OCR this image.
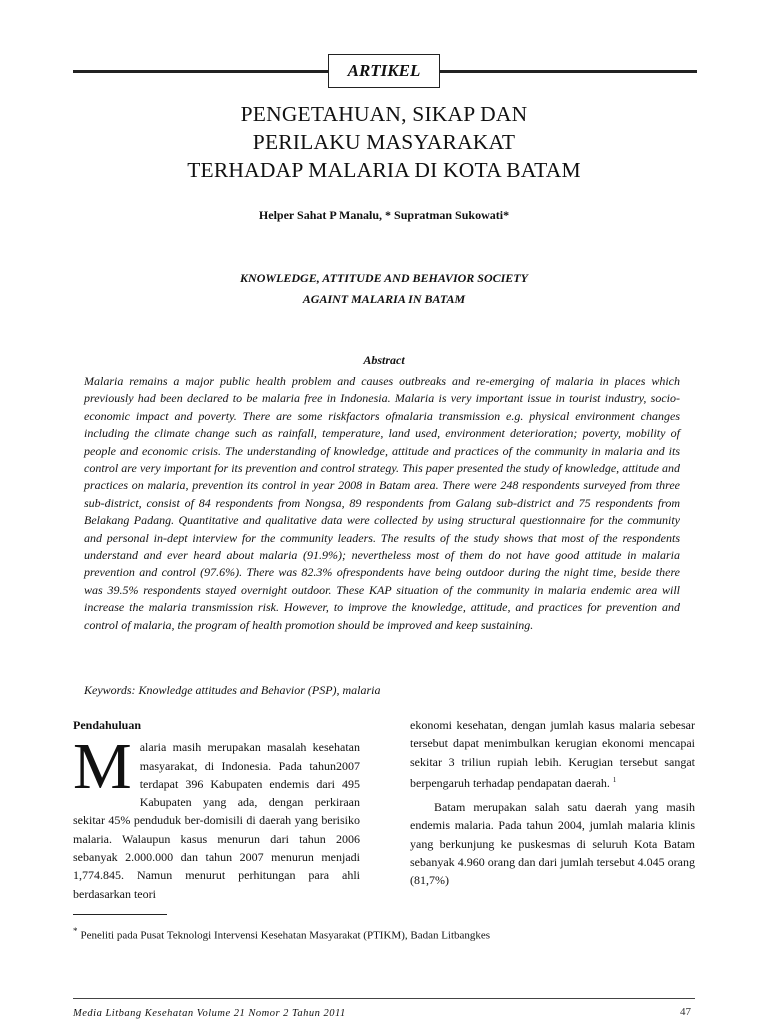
ARTIKEL
PENGETAHUAN, SIKAP DAN
PERILAKU MASYARAKAT
TERHADAP MALARIA DI KOTA BATAM
Helper Sahat P Manalu, * Supratman Sukowati*
KNOWLEDGE, ATTITUDE AND BEHAVIOR SOCIETY
AGAINT MALARIA IN BATAM
Abstract
Malaria remains a major public health problem and causes outbreaks and re-emerging of malaria in places which previously had been declared to be malaria free in Indonesia. Malaria is very important issue in tourist industry, socio-economic impact and poverty. There are some riskfactors ofmalaria transmission e.g. physical environment changes including the climate change such as rainfall, temperature, land used, environment deterioration; poverty, mobility of people and economic crisis. The understanding of knowledge, attitude and practices of the community in malaria and its control are very important for its prevention and control strategy. This paper presented the study of knowledge, attitude and practices on malaria, prevention its control in year 2008 in Batam area. There were 248 respondents surveyed from three sub-district, consist of 84 respondents from Nongsa, 89 respondents from Galang sub-district and 75 respondents from Belakang Padang. Quantitative and qualitative data were collected by using structural questionnaire for the community and personal in-dept interview for the community leaders. The results of the study shows that most of the respondents understand and ever heard about malaria (91.9%); nevertheless most of them do not have good attitude in malaria prevention and control (97.6%). There was 82.3% ofrespondents have being outdoor during the night time, beside there was 39.5% respondents stayed overnight outdoor. These KAP situation of the community in malaria endemic area will increase the malaria transmission risk. However, to improve the knowledge, attitude, and practices for prevention and control of malaria, the program of health promotion should be improved and keep sustaining.
Keywords: Knowledge attitudes and Behavior (PSP), malaria
Pendahuluan

M alaria masih merupakan masalah kesehatan masyarakat, di Indonesia. Pada tahun2007 terdapat 396 Kabupaten endemis dari 495 Kabupaten yang ada, dengan perkiraan sekitar 45% penduduk ber-domisili di daerah yang berisiko malaria. Walaupun kasus menurun dari tahun 2006 sebanyak 2.000.000 dan tahun 2007 menurun menjadi 1,774.845. Namun menurut perhitungan para ahli berdasarkan teori

ekonomi kesehatan, dengan jumlah kasus malaria sebesar tersebut dapat menimbulkan kerugian ekonomi mencapai sekitar 3 triliun rupiah lebih. Kerugian tersebut sangat berpengaruh terhadap pendapatan daerah. $^1$

Batam merupakan salah satu daerah yang masih endemis malaria. Pada tahun 2004, jumlah malaria klinis yang berkunjung ke puskesmas di seluruh Kota Batam sebanyak 4.960 orang dan dari jumlah tersebut 4.045 orang (81,7%)

* Peneliti pada Pusat Teknologi Intervensi Kesehatan Masyarakat (PTIKM), Badan Litbangkes
Media Litbang Kesehatan Volume 21 Nomor 2 Tahun 2011	47
